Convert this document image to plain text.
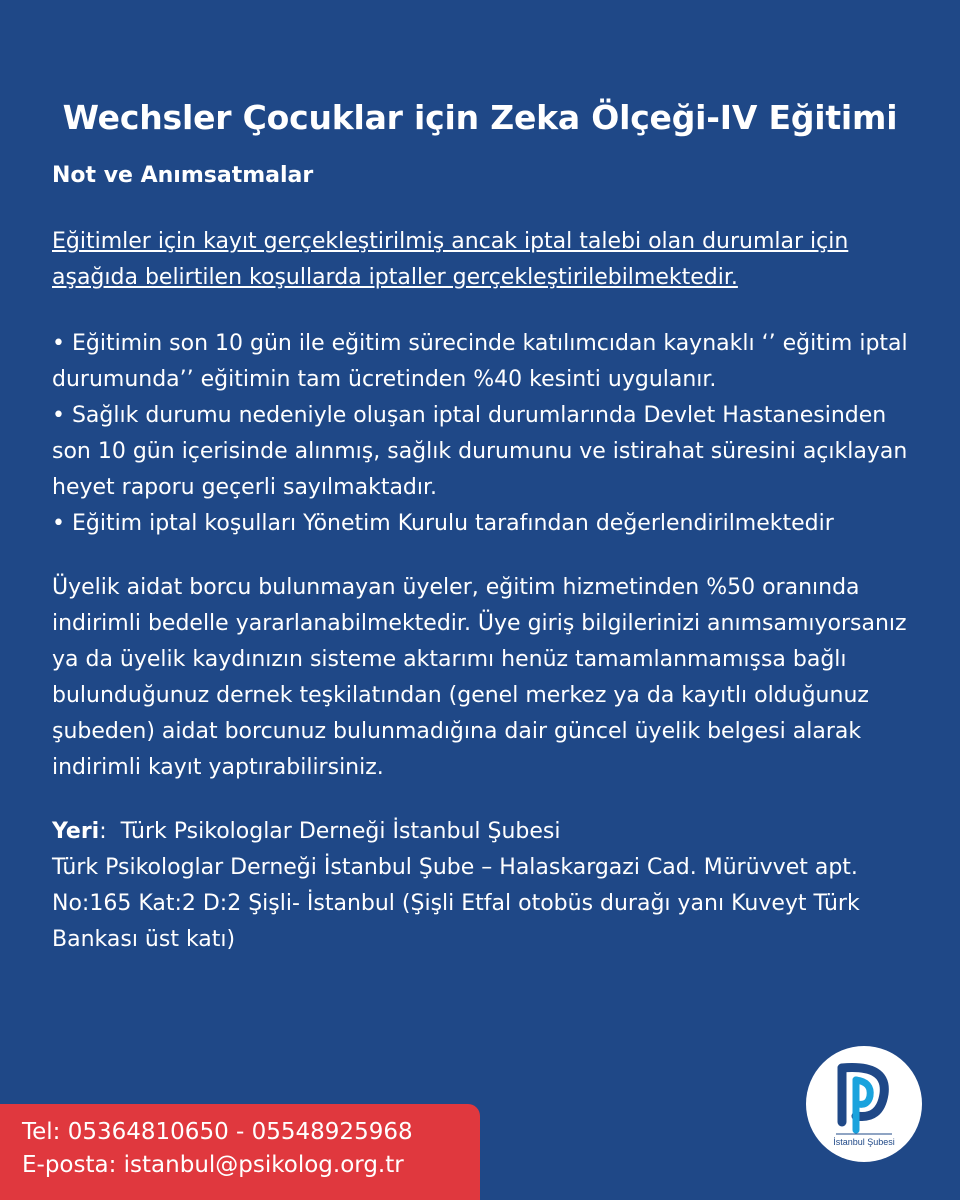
Wechsler Çocuklar için Zeka Ölçeği-IV Eğitimi

Not ve Anımsatmalar

Eğitimler için kayıt gerçekleştirilmiş ancak iptal talebi olan durumlar için aşağıda belirtilen koşullarda iptaller gerçekleştirilebilmektedir.

• Eğitimin son 10 gün ile eğitim sürecinde katılımcıdan kaynaklı ‘’ eğitim iptal durumunda’’ eğitimin tam ücretinden %40 kesinti uygulanır.

• Sağlık durumu nedeniyle oluşan iptal durumlarında Devlet Hastanesinden son 10 gün içerisinde alınmış, sağlık durumunu ve istirahat süresini açıklayan heyet raporu geçerli sayılmaktadır.

• Eğitim iptal koşulları Yönetim Kurulu tarafından değerlendirilmektedir

Üyelik aidat borcu bulunmayan üyeler, eğitim hizmetinden %50 oranında indirimli bedelle yararlanabilmektedir. Üye giriş bilgilerinizi anımsamıyorsanız ya da üyelik kaydınızın sisteme aktarımı henüz tamamlanmamışsa bağlı bulunduğunuz dernek teşkilatından (genel merkez ya da kayıtlı olduğunuz şubeden) aidat borcunuz bulunmadığına dair güncel üyelik belgesi alarak indirimli kayıt yaptırabilirsiniz.

Yeri:  Türk Psikologlar Derneği İstanbul Şubesi

Türk Psikologlar Derneği İstanbul Şube – Halaskargazi Cad. Mürüvvet apt. No:165 Kat:2 D:2 Şişli- İstanbul (Şişli Etfal otobüs durağı yanı Kuveyt Türk Bankası üst katı)

Tel: 05364810650 - 05548925968

E-posta: istanbul@psikolog.org.tr

İstanbul Şubesi
